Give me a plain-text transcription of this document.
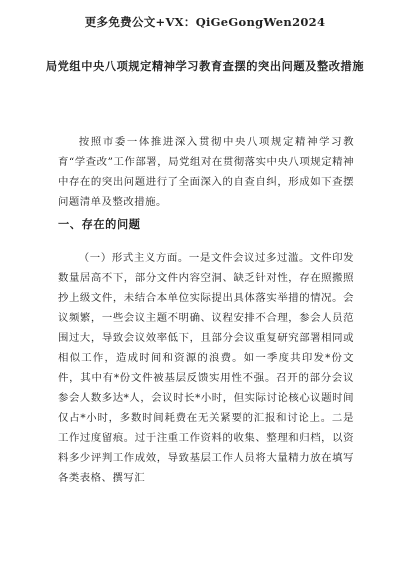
更多免费公文+VX：QiGeGongWen2024
局党组中央八项规定精神学习教育查摆的突出问题及整改措施
按照市委一体推进深入贯彻中央八项规定精神学习教育“学查改”工作部署，局党组对在贯彻落实中央八项规定精神中存在的突出问题进行了全面深入的自查自纠，形成如下查摆问题清单及整改措施。
一、存在的问题
（一）形式主义方面。一是文件会议过多过滥。文件印发数量居高不下，部分文件内容空洞、缺乏针对性，存在照搬照抄上级文件，未结合本单位实际提出具体落实举措的情况。会议频繁，一些会议主题不明确、议程安排不合理，参会人员范围过大，导致会议效率低下，且部分会议重复研究部署相同或相似工作，造成时间和资源的浪费。如一季度共印发*份文件，其中有*份文件被基层反馈实用性不强。召开的部分会议参会人数多达*人，会议时长*小时，但实际讨论核心议题时间仅占*小时，多数时间耗费在无关紧要的汇报和讨论上。二是工作过度留痕。过于注重工作资料的收集、整理和归档，以资料多少评判工作成效，导致基层工作人员将大量精力放在填写各类表格、撰写汇
